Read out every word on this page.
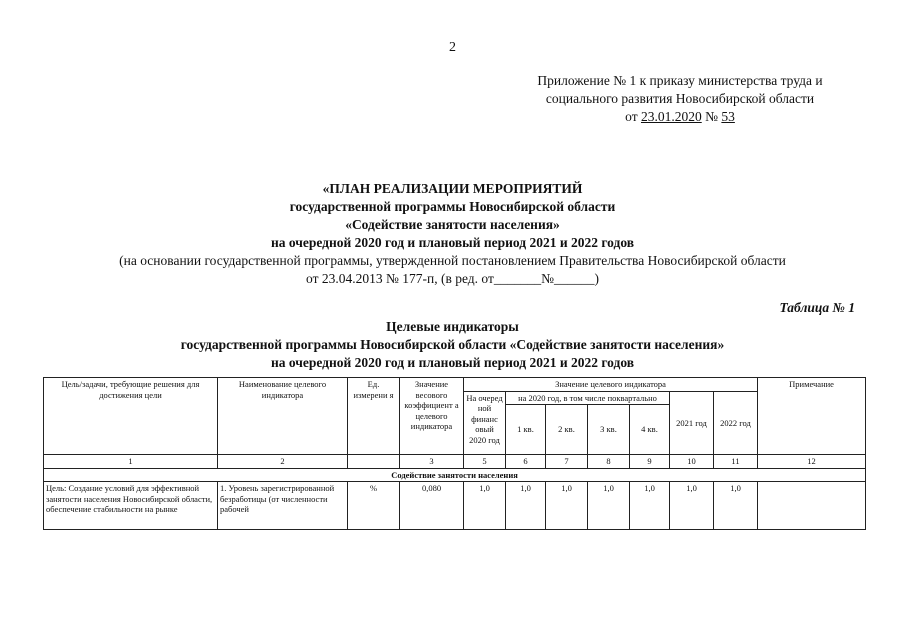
2
Приложение № 1 к приказу министерства труда и
социального развития Новосибирской области
от 23.01.2020 № 53
«ПЛАН РЕАЛИЗАЦИИ МЕРОПРИЯТИЙ
государственной программы Новосибирской области
«Содействие занятости населения»
на очередной 2020 год и плановый период 2021 и 2022 годов
(на основании государственной программы, утвержденной постановлением Правительства Новосибирской области
от 23.04.2013 № 177-п, (в ред. от_______№______)
Таблица № 1
Целевые индикаторы
государственной программы Новосибирской области «Содействие занятости населения»
на очередной 2020 год и плановый период 2021 и 2022 годов
Цель/задачи, требующие решения для достижения цели	Наименование целевого индикатора	Ед. измерени я	Значение весового коэффициент а целевого индикатора	Значение целевого индикатора							Примечание
				На очеред ной финанс овый 2020 год	на 2020 год, в том числе поквартально				2021 год	2022 год	
					1 кв.	2 кв.	3 кв.	4 кв.			
1	2		3	5	6	7	8	9	10	11	12
Содействие занятости населения											
Цель: Создание условий для эффективной занятости населения Новосибирской области, обеспечение стабильности на рынке	1. Уровень зарегистрированной безработицы (от численности рабочей	%	0,080	1,0	1,0	1,0	1,0	1,0	1,0	1,0	
